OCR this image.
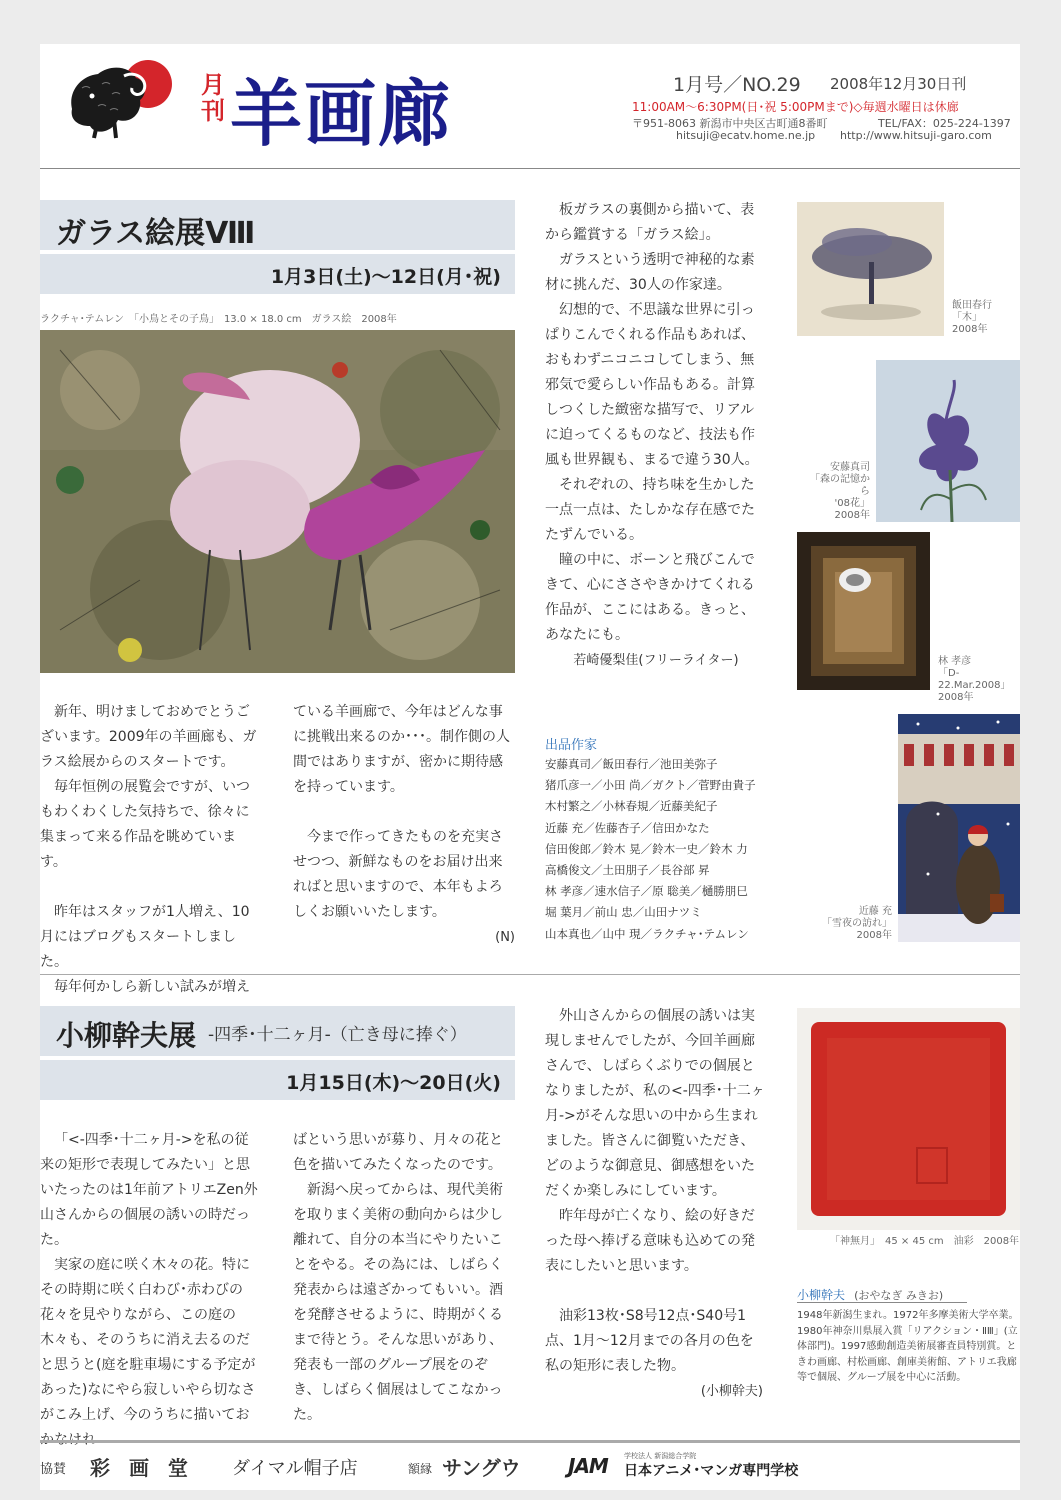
月
刊 羊画廊	1月号／NO.29 2008年12月30日刊
11:00AM～6:30PM(日･祝 5:00PMまで)◇毎週水曜日は休廊
〒951-8063 新潟市中央区古町通8番町	TEL/FAX：025-224-1397
hitsuji@ecatv.home.ne.jp http://www.hitsuji-garo.com
ガラス絵展Ⅷ
1月3日(土)～12日(月･祝)
ラクチャ･テムレン　「小鳥とその子鳥」　13.0 × 18.0 cm　ガラス絵　2008年

新年、明けましておめでとうございます。2009年の羊画廊も、ガラス絵展からのスタートです。

毎年恒例の展覧会ですが、いつもわくわくした気持ちで、徐々に集まって来る作品を眺めています。

昨年はスタッフが1人増え、10月にはブログもスタートしました。

毎年何かしら新しい試みが増え

ている羊画廊で、今年はどんな事に挑戦出来るのか･･･。制作側の人間ではありますが、密かに期待感を持っています。

今まで作ってきたものを充実させつつ、新鮮なものをお届け出来ればと思いますので、本年もよろしくお願いいたします。

(N)

板ガラスの裏側から描いて、表から鑑賞する「ガラス絵」。

ガラスという透明で神秘的な素材に挑んだ、30人の作家達。

幻想的で、不思議な世界に引っぱりこんでくれる作品もあれば、おもわずニコニコしてしまう、無邪気で愛らしい作品もある。計算しつくした緻密な描写で、リアルに迫ってくるものなど、技法も作風も世界観も、まるで違う30人。

それぞれの、持ち味を生かした一点一点は、たしかな存在感でたたずんでいる。

瞳の中に、ボーンと飛びこんできて、心にささやきかけてくれる作品が、ここにはある。きっと、あなたにも。

若崎優梨佳(フリーライター)
出品作家
安藤真司／飯田春行／池田美弥子
猪爪彦一／小田 尚／ガクト／菅野由貴子
木村繁之／小林春規／近藤美紀子
近藤 充／佐藤杏子／信田かなた
信田俊郎／鈴木 晃／鈴木一史／鈴木 力
高橋俊文／土田朋子／長谷部 昇
林 孝彦／速水信子／原 聡美／樋勝朋巳
堀 葉月／前山 忠／山田ナツミ
山本真也／山中 現／ラクチャ･テムレン
飯田春行
「木」
2008年
安藤真司
「森の記憶から
'08花」
2008年
林 孝彦
「D-22.Mar.2008」
2008年
近藤 充
「雪夜の訪れ」
2008年
小柳幹夫展 -四季･十二ヶ月-（亡き母に捧ぐ）
1月15日(木)～20日(火)

「<-四季･十二ヶ月->を私の従来の矩形で表現してみたい」と思いたったのは1年前アトリエZen外山さんからの個展の誘いの時だった。

実家の庭に咲く木々の花。特にその時期に咲く白わび･赤わびの花々を見やりながら、この庭の木々も、そのうちに消え去るのだと思うと(庭を駐車場にする予定があった)なにやら寂しいやら切なさがこみ上げ、今のうちに描いてお

ばという思いが募り、月々の花と色を描いてみたくなったのです。

新潟へ戻ってからは、現代美術を取りまく美術の動向からは少し離れて、自分の本当にやりたいことをやる。その為には、しばらく発表からは遠ざかってもいい。酒を発酵させるように、時期がくるまで待とう。そんな思いがあり、発表も一部のグループ展をのぞき、しばらく個展はしてこなかった。

外山さんからの個展の誘いは実現しませんでしたが、今回羊画廊さんで、しばらくぶりでの個展となりましたが、私の<-四季･十二ヶ月->がそんな思いの中から生まれました。皆さんに御覧いただき、どのような御意見、御感想をいただくか楽しみにしています。

昨年母が亡くなり、絵の好きだった母へ捧げる意味も込めての発表にしたいと思います。

油彩13枚･S8号12点･S40号1点、1月～12月までの各月の色を私の矩形に表した物。

(小柳幹夫)
「神無月」　45 × 45 cm　油彩　2008年
小柳幹夫 (おやなぎ みきお)
1948年新潟生まれ。1972年多摩美術大学卒業。1980年神奈川県展入賞「リアクション・ⅡⅢ」(立体部門)。1997感動創造美術展審査員特別賞。ときわ画廊、村松画廊、創庫美術館、アトリエ我廊等で個展、グループ展を中心に活動。
協賛 彩 画 堂 ダイマル帽子店	額縁 サングウ JAM 学校法人 新潟総合学院
日本アニメ･マンガ専門学校
